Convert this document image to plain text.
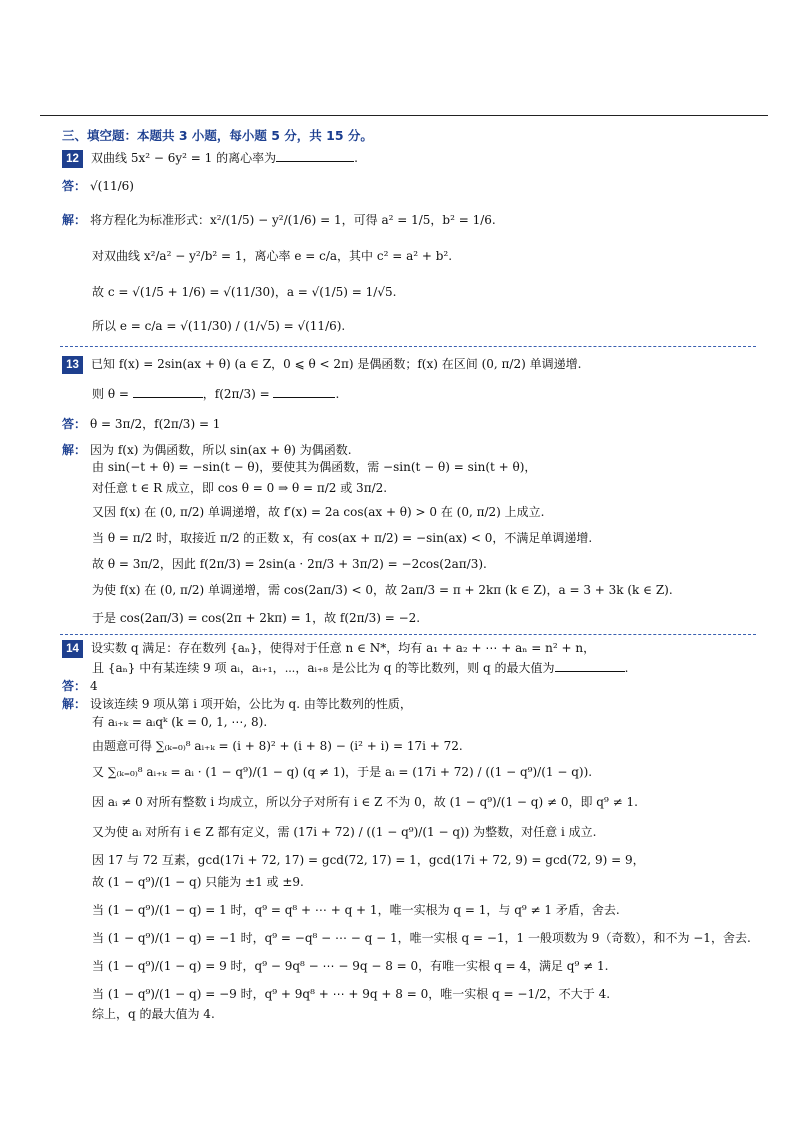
三、填空题：本题共 3 小题，每小题 5 分，共 15 分。
12 双曲线 5x² − 6y² = 1 的离心率为	.
答： √(11/6)
解： 将方程化为标准形式：x²/(1/5) − y²/(1/6) = 1，可得 a² = 1/5，b² = 1/6.
对双曲线 x²/a² − y²/b² = 1，离心率 e = c/a，其中 c² = a² + b².
故 c = √(1/5 + 1/6) = √(11/30)，a = √(1/5) = 1/√5.
所以 e = c/a = √(11/30) / (1/√5) = √(11/6).
13 已知 f(x) = 2sin(ax + θ) (a ∈ Z，0 ⩽ θ < 2π) 是偶函数；f(x) 在区间 (0, π/2) 单调递增.
则 θ =	，f(2π/3) =	.
答： θ = 3π/2，f(2π/3) = 1
解： 因为 f(x) 为偶函数，所以 sin(ax + θ) 为偶函数.
由 sin(−t + θ) = −sin(t − θ)，要使其为偶函数，需 −sin(t − θ) = sin(t + θ)，
对任意 t ∈ R 成立，即 cos θ = 0 ⇒ θ = π/2 或 3π/2.
又因 f(x) 在 (0, π/2) 单调递增，故 f′(x) = 2a cos(ax + θ) > 0 在 (0, π/2) 上成立.
当 θ = π/2 时，取接近 π/2 的正数 x，有 cos(ax + π/2) = −sin(ax) < 0，不满足单调递增.
故 θ = 3π/2，因此 f(2π/3) = 2sin(a · 2π/3 + 3π/2) = −2cos(2aπ/3).
为使 f(x) 在 (0, π/2) 单调递增，需 cos(2aπ/3) < 0，故 2aπ/3 = π + 2kπ (k ∈ Z)，a = 3 + 3k (k ∈ Z).
于是 cos(2aπ/3) = cos(2π + 2kπ) = 1，故 f(2π/3) = −2.
14 设实数 q 满足：存在数列 {aₙ}，使得对于任意 n ∈ N*，均有 a₁ + a₂ + ⋯ + aₙ = n² + n，
且 {aₙ} 中有某连续 9 项 aᵢ，aᵢ₊₁，⋯，aᵢ₊₈ 是公比为 q 的等比数列，则 q 的最大值为	.
答： 4
解： 设该连续 9 项从第 i 项开始，公比为 q. 由等比数列的性质，
有 aᵢ₊ₖ = aᵢqᵏ (k = 0, 1, ⋯, 8).
由题意可得 ∑₍ₖ₌₀₎⁸ aᵢ₊ₖ = (i + 8)² + (i + 8) − (i² + i) = 17i + 72.
又 ∑₍ₖ₌₀₎⁸ aᵢ₊ₖ = aᵢ · (1 − q⁹)/(1 − q) (q ≠ 1)，于是 aᵢ = (17i + 72) / ((1 − q⁹)/(1 − q)).
因 aᵢ ≠ 0 对所有整数 i 均成立，所以分子对所有 i ∈ Z 不为 0，故 (1 − q⁹)/(1 − q) ≠ 0，即 q⁹ ≠ 1.
又为使 aᵢ 对所有 i ∈ Z 都有定义，需 (17i + 72) / ((1 − q⁹)/(1 − q)) 为整数，对任意 i 成立.
因 17 与 72 互素，gcd(17i + 72, 17) = gcd(72, 17) = 1，gcd(17i + 72, 9) = gcd(72, 9) = 9，
故 (1 − q⁹)/(1 − q) 只能为 ±1 或 ±9.
当 (1 − q⁹)/(1 − q) = 1 时，q⁹ = q⁸ + ⋯ + q + 1，唯一实根为 q = 1，与 q⁹ ≠ 1 矛盾，舍去.
当 (1 − q⁹)/(1 − q) = −1 时，q⁹ = −q⁸ − ⋯ − q − 1，唯一实根 q = −1，1 一般项数为 9（奇数），和不为 −1，舍去.
当 (1 − q⁹)/(1 − q) = 9 时，q⁹ − 9q⁸ − ⋯ − 9q − 8 = 0，有唯一实根 q = 4，满足 q⁹ ≠ 1.
当 (1 − q⁹)/(1 − q) = −9 时，q⁹ + 9q⁸ + ⋯ + 9q + 8 = 0，唯一实根 q = −1/2，不大于 4.
综上，q 的最大值为 4.
